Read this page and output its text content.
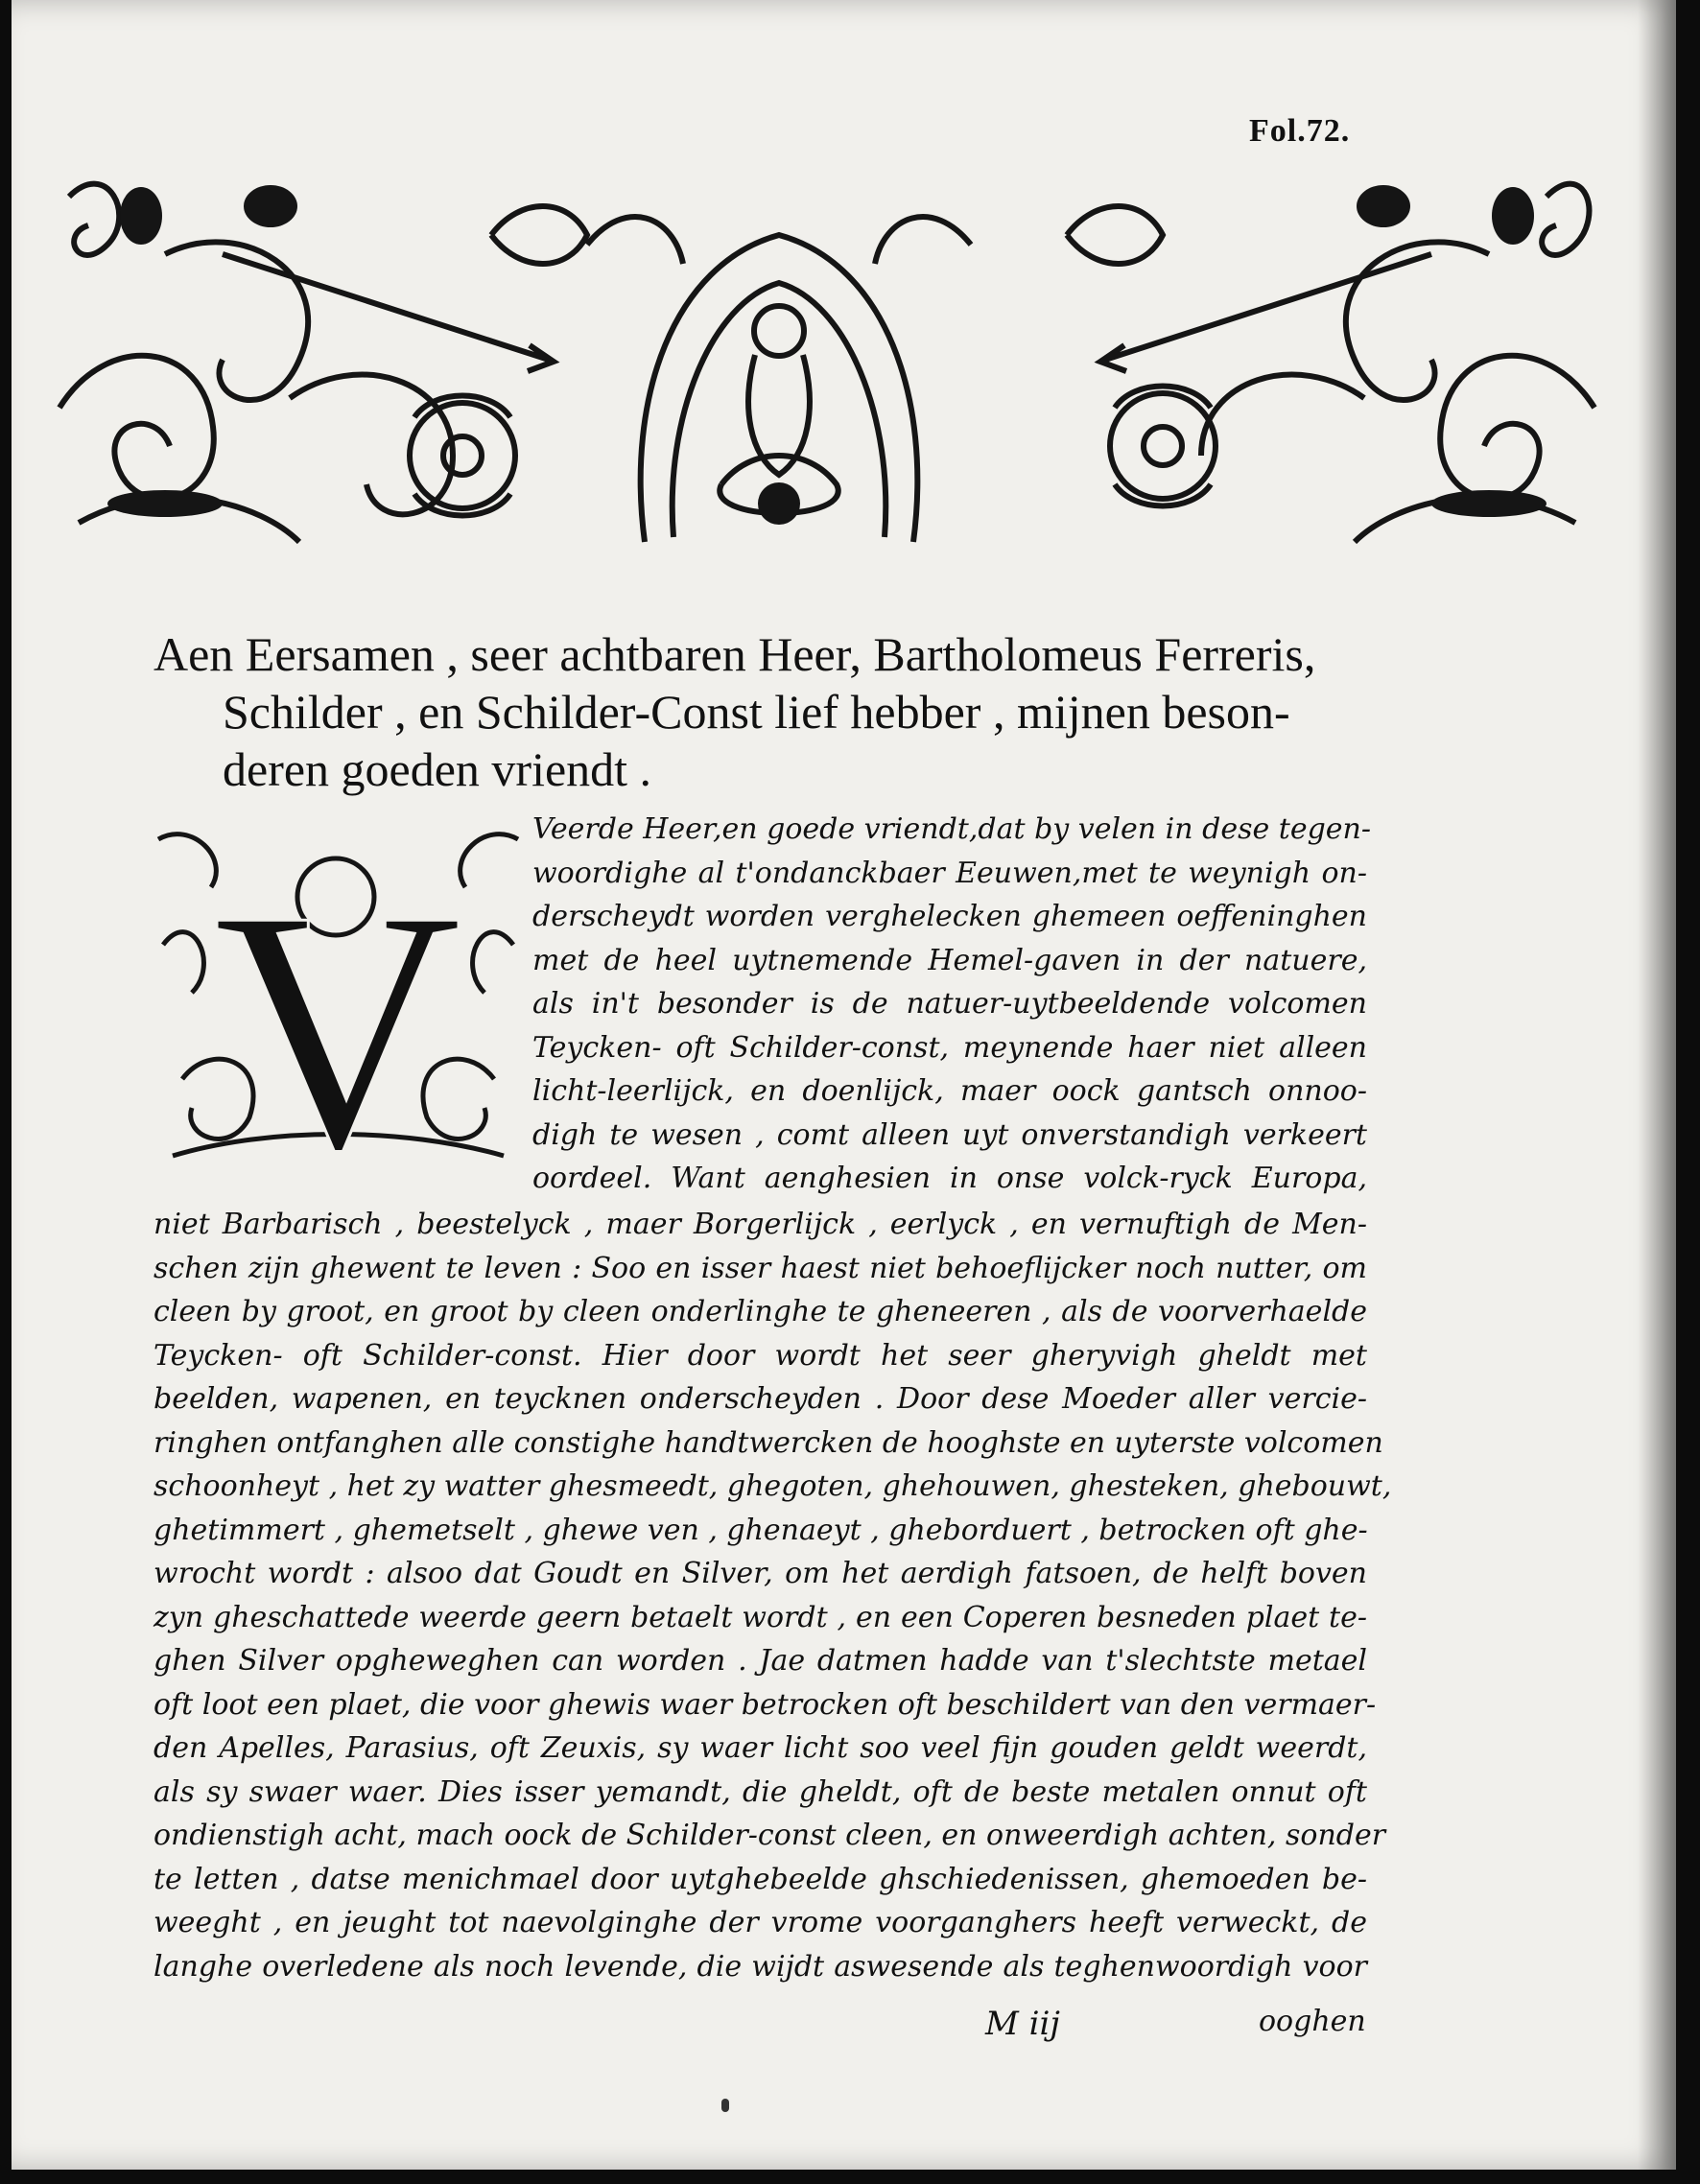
Fol.72.
Aen Eersamen , seer achtbaren Heer, Bartholomeus Ferreris,
Schilder , en Schilder-Const lief hebber , mijnen beson-
deren goeden vriendt .
V
Veerde Heer,en goede vriendt,dat by velen in dese tegen-
woordighe al t'ondanckbaer Eeuwen,met te weynigh on-
derscheydt worden verghelecken ghemeen oeffeninghen
met de heel uytnemende Hemel-gaven in der natuere,
als in't besonder is de natuer-uytbeeldende volcomen
Teycken- oft Schilder-const, meynende haer niet alleen
licht-leerlijck, en doenlijck, maer oock gantsch onnoo-
digh te wesen , comt alleen uyt onverstandigh verkeert
oordeel. Want aenghesien in onse volck-ryck Europa,
niet Barbarisch , beestelyck , maer Borgerlijck , eerlyck , en vernuftigh de Men-
schen zijn ghewent te leven : Soo en isser haest niet behoeflijcker noch nutter, om
cleen by groot, en groot by cleen onderlinghe te gheneeren , als de voorverhaelde
Teycken- oft Schilder-const. Hier door wordt het seer gheryvigh gheldt met
beelden, wapenen, en teycknen onderscheyden . Door dese Moeder aller vercie-
ringhen ontfanghen alle constighe handtwercken de hooghste en uyterste volcomen
schoonheyt , het zy watter ghesmeedt, ghegoten, ghehouwen, ghesteken, ghebouwt,
ghetimmert , ghemetselt , ghewe ven , ghenaeyt , gheborduert , betrocken oft ghe-
wrocht wordt : alsoo dat Goudt en Silver, om het aerdigh fatsoen, de helft boven
zyn gheschattede weerde geern betaelt wordt , en een Coperen besneden plaet te-
ghen Silver opgheweghen can worden . Jae datmen hadde van t'slechtste metael
oft loot een plaet, die voor ghewis waer betrocken oft beschildert van den vermaer-
den Apelles, Parasius, oft Zeuxis, sy waer licht soo veel fijn gouden geldt weerdt,
als sy swaer waer. Dies isser yemandt, die gheldt, oft de beste metalen onnut oft
ondienstigh acht, mach oock de Schilder-const cleen, en onweerdigh achten, sonder
te letten , datse menichmael door uytghebeelde ghschiedenissen, ghemoeden be-
weeght , en jeught tot naevolginghe der vrome voorganghers heeft verweckt, de
langhe overledene als noch levende, die wijdt aswesende als teghenwoordigh voor
M iij	ooghen
